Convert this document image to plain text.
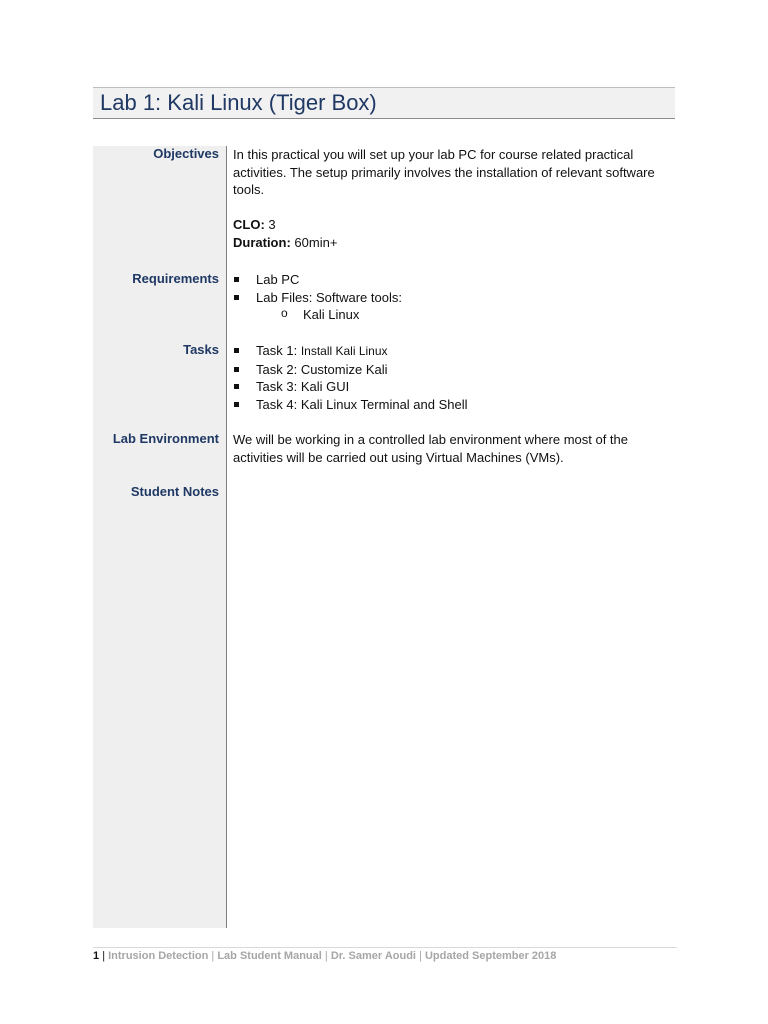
Lab 1: Kali Linux (Tiger Box)
Objectives
Requirements
Tasks
Lab Environment
Student Notes

In this practical you will set up your lab PC for course related practical activities. The setup primarily involves the installation of relevant software tools.

CLO: 3

Duration: 60min+

Lab PC
Lab Files: Software tools:
o Kali Linux
Task 1: Install Kali Linux
Task 2: Customize Kali
Task 3: Kali GUI
Task 4: Kali Linux Terminal and Shell

We will be working in a controlled lab environment where most of the activities will be carried out using Virtual Machines (VMs).

1 | Intrusion Detection | Lab Student Manual | Dr. Samer Aoudi | Updated September 2018
